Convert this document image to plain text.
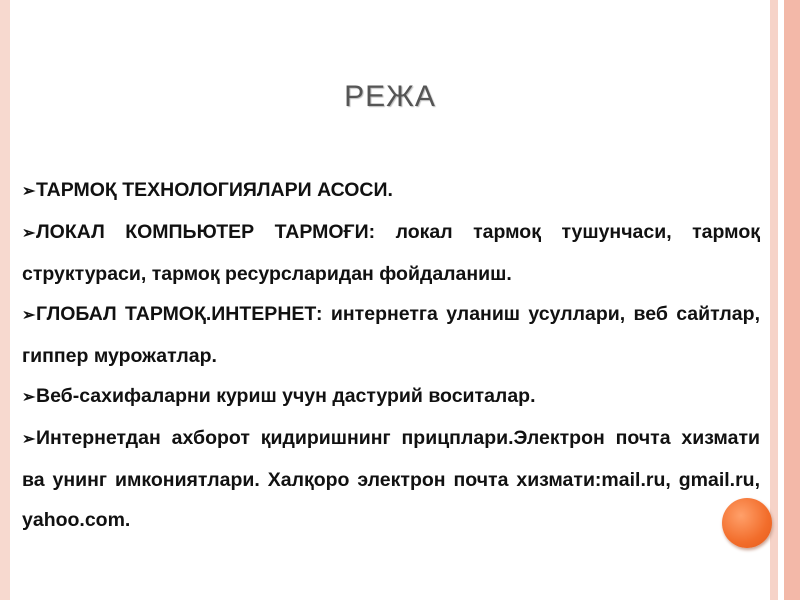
РЕЖА

➢ТАРМОҚ ТЕХНОЛОГИЯЛАРИ АСОСИ.

➢ЛОКАЛ КОМПЬЮТЕР ТАРМОҒИ: локал тармоқ тушунчаси, тармоқ структураси, тармоқ ресурсларидан фойдаланиш.

➢ГЛОБАЛ ТАРМОҚ.ИНТЕРНЕТ: интернетга уланиш усуллари, веб сайтлар, гиппер мурожатлар.

➢Веб-сахифаларни куриш учун дастурий воситалар.

➢Интернетдан ахборот қидиришнинг прицплари.Электрон почта хизмати ва унинг имкониятлари. Халқоро электрон почта хизмати:mail.ru, gmail.ru, yahoo.com.
